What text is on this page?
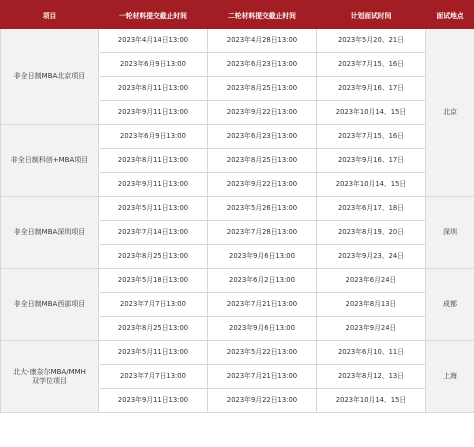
项目	一轮材料提交截止时间	二轮材料提交截止时间	计划面试时间	面试地点
非全日制MBA北京项目	2023年4月14日13:00	2023年4月28日13:00	2023年5月20、21日	北京
	2023年6月9日13:00	2023年6月23日13:00	2023年7月15、16日	
	2023年8月11日13:00	2023年8月25日13:00	2023年9月16、17日	
	2023年9月11日13:00	2023年9月22日13:00	2023年10月14、15日	
非全日制科创+MBA项目	2023年6月9日13:00	2023年6月23日13:00	2023年7月15、16日	
	2023年8月11日13:00	2023年8月25日13:00	2023年9月16、17日	
	2023年9月11日13:00	2023年9月22日13:00	2023年10月14、15日	
非全日制MBA深圳项目	2023年5月11日13:00	2023年5月26日13:00	2023年6月17、18日	深圳
	2023年7月14日13:00	2023年7月28日13:00	2023年8月19、20日	
	2023年8月25日13:00	2023年9月6日13:00	2023年9月23、24日	
非全日制MBA西部项目	2023年5月18日13:00	2023年6月2日13:00	2023年6月24日	成都
	2023年7月7日13:00	2023年7月21日13:00	2023年8月13日	
	2023年8月25日13:00	2023年9月6日13:00	2023年9月24日	
北大-康奈尔MBA/MMH
双学位项目	2023年5月11日13:00	2023年5月22日13:00	2023年6月10、11日	上海
	2023年7月7日13:00	2023年7月21日13:00	2023年8月12、13日	
	2023年9月11日13:00	2023年9月22日13:00	2023年10月14、15日	
